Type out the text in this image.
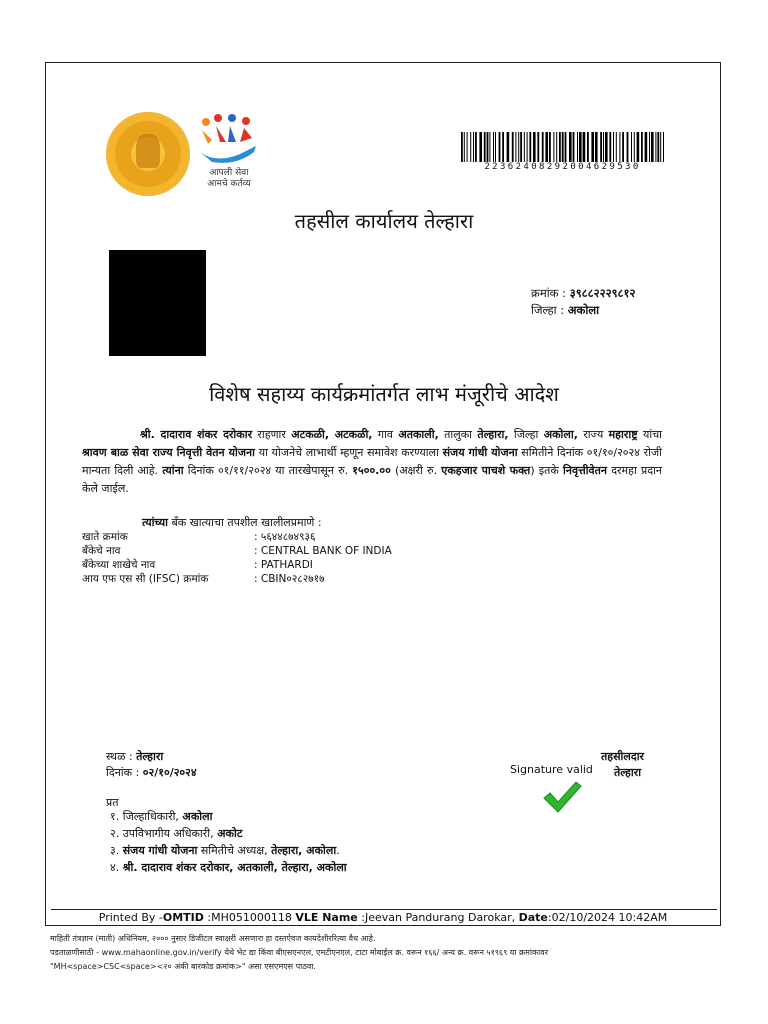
आपली सेवा
आमचे कर्तव्य
22362408292004629530
तहसील कार्यालय तेल्हारा
क्रमांक : ३९८८२२२९८१२
जिल्हा : अकोला
विशेष सहाय्य कार्यक्रमांतर्गत लाभ मंजूरीचे आदेश
श्री. दादाराव शंकर दरोकार राहणार अटकळी, अटकळी, गाव अतकाली, तालुका तेल्हारा, जिल्हा अकोला, राज्य महाराष्ट्र यांचा श्रावण बाळ सेवा राज्य निवृत्ती वेतन योजना या योजनेचे लाभार्थी म्हणून समावेश करण्याला संजय गांधी योजना समितीने दिनांक ०१/१०/२०२४ रोजी मान्यता दिली आहे. त्यांना दिनांक ०१/११/२०२४ या तारखेपासून रु. १५००.०० (अक्षरी रु. एकहजार पाचशे फक्त) इतके निवृत्तीवेतन दरमहा प्रदान केले जाईल.
त्यांच्या बँक खात्याचा तपशील खालीलप्रमाणे :
खाते क्रमांक	: ५६४४८७४९३६
बँकेचे नाव	: CENTRAL BANK OF INDIA
बँकेच्या शाखेचे नाव	: PATHARDI
आय एफ एस सी (IFSC) क्रमांक	: CBIN०२८२७१७
स्थळ : तेल्हारा
दिनांक : ०२/१०/२०२४
तहसीलदार
तेल्हारा
Signature valid
प्रत
१. जिल्हाधिकारी, अकोला
२. उपविभागीय अधिकारी, अकोट
३. संजय गांधी योजना समितीचे अध्यक्ष, तेल्हारा, अकोला.
४. श्री. दादाराव शंकर दरोकार, अतकाली, तेल्हारा, अकोला
Printed By -OMTID :MH051000118 VLE Name :Jeevan Pandurang Darokar, Date:02/10/2024 10:42AM
माहिती तंत्रज्ञान (माती) अधिनियम, २००० नुसार डिजीटल स्वाक्षरी असणारा हा दस्तऐवज कायदेशीररित्या वैध आहे.
पडताळणीसाठी - www.mahaonline.gov.in/verify येथे भेट द्या किंवा बीएसएनएल, एमटीएनएल, टाटा मोबाईल क्र. वरून १६६/ अन्य क्र. वरून ५१९६९ या क्रमांकावर
"MH<space>CSC<space><२० अंकी बारकोड क्रमांक>" असा एसएमएस पाठवा.
